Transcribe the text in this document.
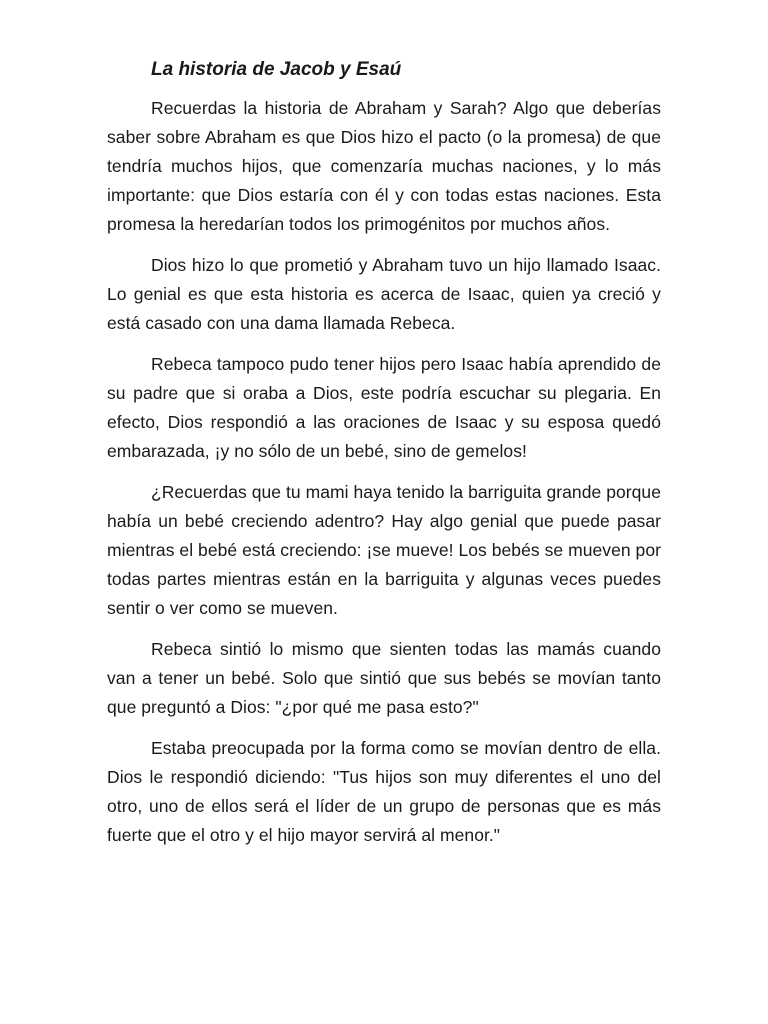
La historia de Jacob y Esaú

Recuerdas la historia de Abraham y Sarah? Algo que deberías saber sobre Abraham es que Dios hizo el pacto (o la promesa) de que tendría muchos hijos, que comenzaría muchas naciones, y lo más importante: que Dios estaría con él y con todas estas naciones. Esta promesa la heredarían todos los primogénitos por muchos años.

Dios hizo lo que prometió y Abraham tuvo un hijo llamado Isaac. Lo genial es que esta historia es acerca de Isaac, quien ya creció y está casado con una dama llamada Rebeca.

Rebeca tampoco pudo tener hijos pero Isaac había aprendido de su padre que si oraba a Dios, este podría escuchar su plegaria. En efecto, Dios respondió a las oraciones de Isaac y su esposa quedó embarazada, ¡y no sólo de un bebé, sino de gemelos!

¿Recuerdas que tu mami haya tenido la barriguita grande porque había un bebé creciendo adentro? Hay algo genial que puede pasar mientras el bebé está creciendo: ¡se mueve! Los bebés se mueven por todas partes mientras están en la barriguita y algunas veces puedes sentir o ver como se mueven.

Rebeca sintió lo mismo que sienten todas las mamás cuando van a tener un bebé. Solo que sintió que sus bebés se movían tanto que preguntó a Dios: "¿por qué me pasa esto?"

Estaba preocupada por la forma como se movían dentro de ella. Dios le respondió diciendo: "Tus hijos son muy diferentes el uno del otro, uno de ellos será el líder de un grupo de personas que es más fuerte que el otro y el hijo mayor servirá al menor."
